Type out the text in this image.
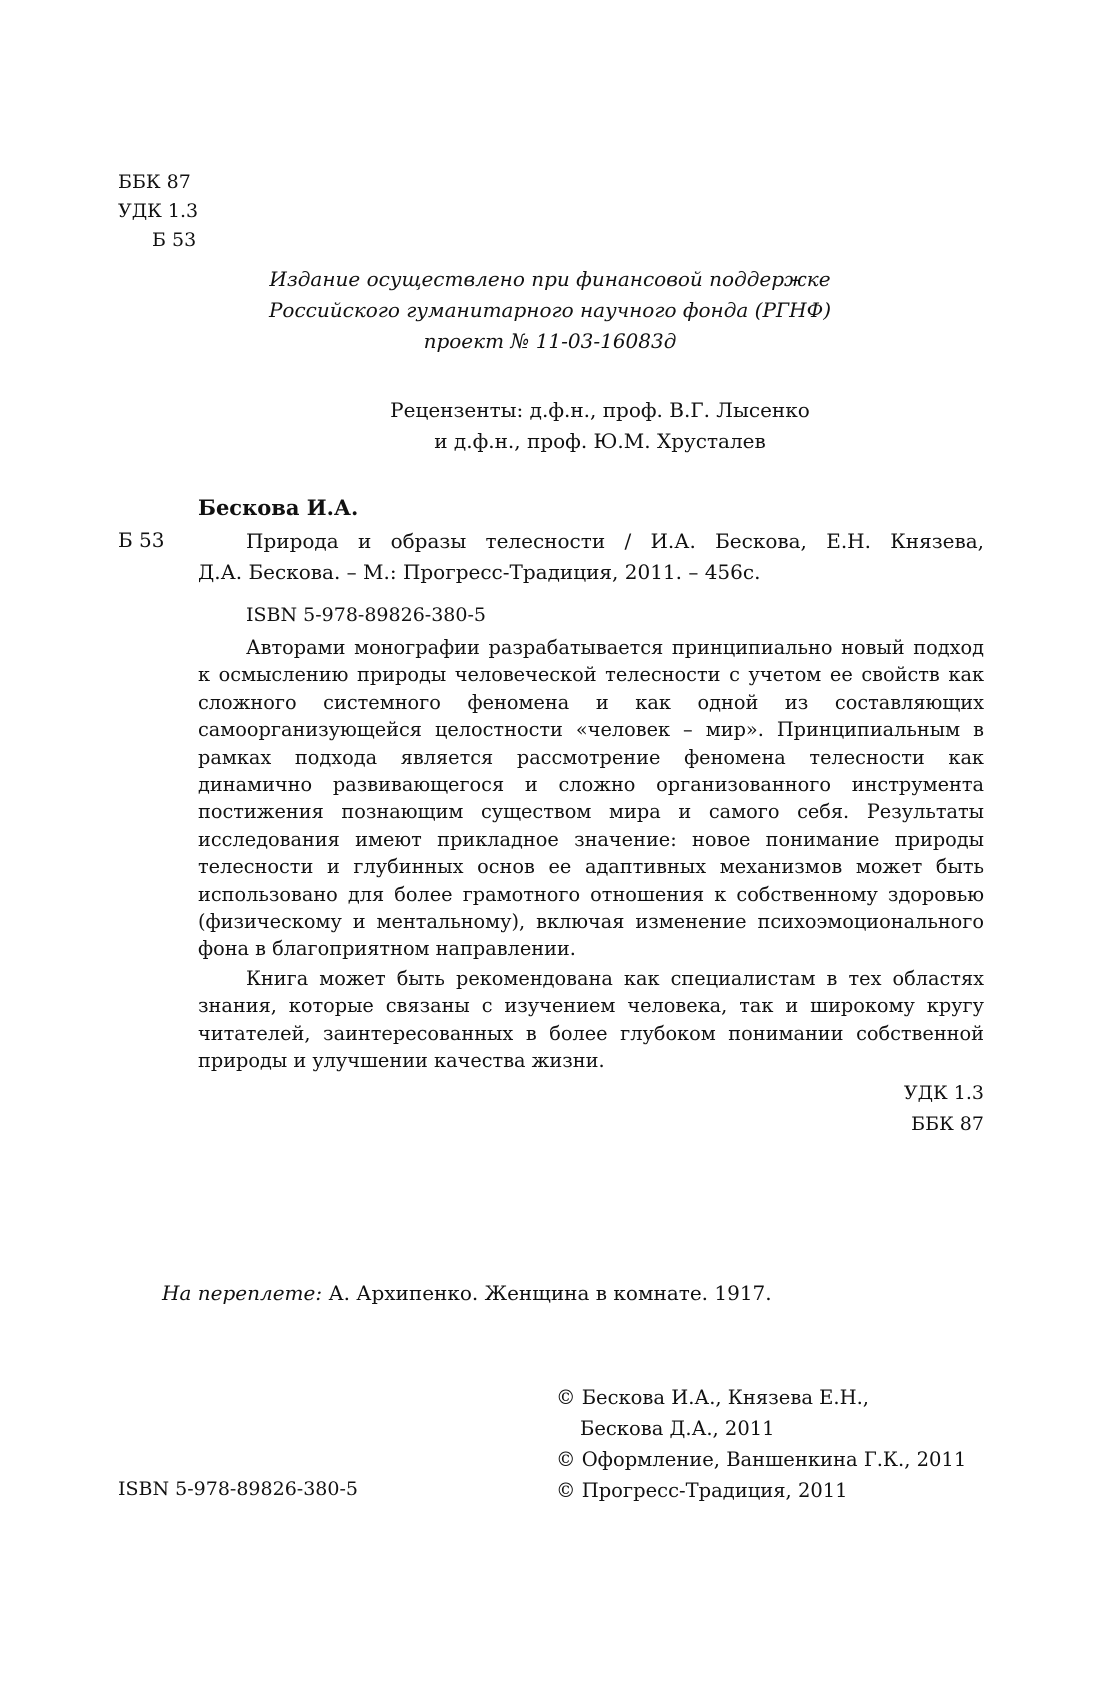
ББК 87
УДК 1.3
Б 53
Издание осуществлено при финансовой поддержке
Российского гуманитарного научного фонда (РГНФ)
проект № 11-03-16083д
Рецензенты: д.ф.н., проф. В.Г. Лысенко
и д.ф.н., проф. Ю.М. Хрусталев
Бескова И.А.
Б 53	Природа и образы телесности / И.А. Бескова, Е.Н. Князева,
Д.А. Бескова. – М.: Прогресс-Традиция, 2011. – 456с.
ISBN 5-978-89826-380-5

Авторами монографии разрабатывается принципиально новый подход к осмыслению природы человеческой телесности с учетом ее свойств как сложного системного феномена и как одной из составляющих самоорганизующейся целостности «человек – мир». Принципиальным в рамках подхода является рассмотрение феномена телесности как динамично развивающегося и сложно организованного инструмента постижения познающим существом мира и самого себя. Результаты исследования имеют прикладное значение: новое понимание природы телесности и глубинных основ ее адаптивных механизмов может быть использовано для более грамотного отношения к собственному здоровью (физическому и ментальному), включая изменение психоэмоционального фона в благоприятном направлении.

Книга может быть рекомендована как специалистам в тех областях знания, которые связаны с изучением человека, так и широкому кругу читателей, заинтересованных в более глубоком понимании собственной природы и улучшении качества жизни.

УДК 1.3
ББК 87
На переплете: А. Архипенко. Женщина в комнате. 1917.
© Бескова И.А., Князева Е.Н.,
Бескова Д.А., 2011
© Оформление, Ваншенкина Г.К., 2011
© Прогресс-Традиция, 2011
ISBN 5-978-89826-380-5
